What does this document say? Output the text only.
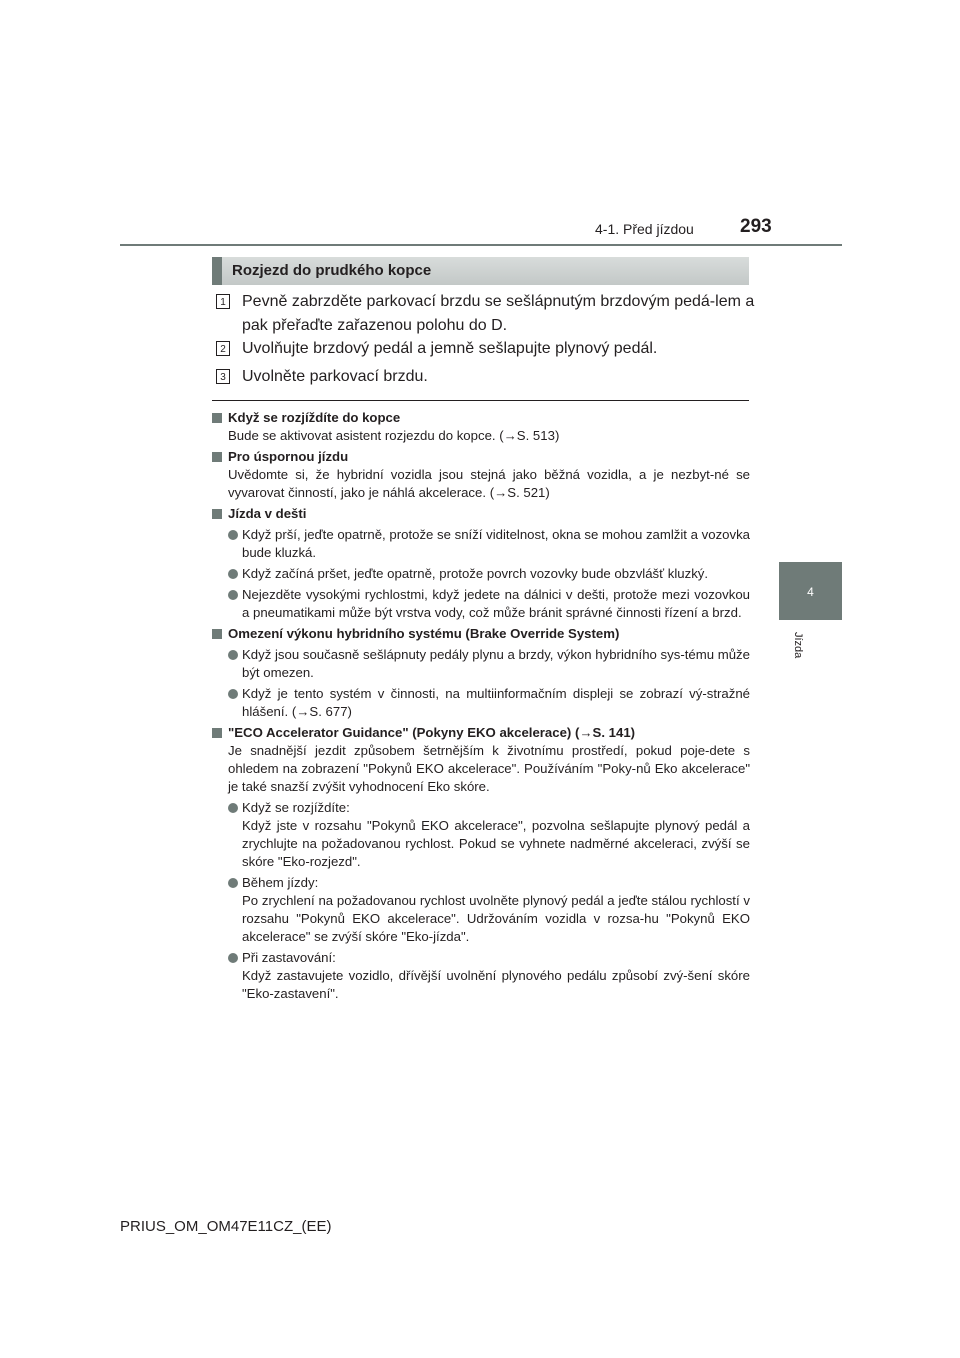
4-1. Před jízdou 293
4
Jízda
Rozjezd do prudkého kopce
1 Pevně zabrzděte parkovací brzdu se sešlápnutým brzdovým pedá-lem a pak přeřaďte zařazenou polohu do D.
2 Uvolňujte brzdový pedál a jemně sešlapujte plynový pedál.
3 Uvolněte parkovací brzdu.
Když se rozjíždíte do kopce
Bude se aktivovat asistent rozjezdu do kopce. (→S. 513)
Pro úspornou jízdu
Uvědomte si, že hybridní vozidla jsou stejná jako běžná vozidla, a je nezbyt-né se vyvarovat činností, jako je náhlá akcelerace. (→S. 521)
Jízda v dešti
Když prší, jeďte opatrně, protože se sníží viditelnost, okna se mohou zamlžit a vozovka bude kluzká.
Když začíná pršet, jeďte opatrně, protože povrch vozovky bude obzvlášť kluzký.
Nejezděte vysokými rychlostmi, když jedete na dálnici v dešti, protože mezi vozovkou a pneumatikami může být vrstva vody, což může bránit správné činnosti řízení a brzd.
Omezení výkonu hybridního systému (Brake Override System)
Když jsou současně sešlápnuty pedály plynu a brzdy, výkon hybridního sys-tému může být omezen.
Když je tento systém v činnosti, na multiinformačním displeji se zobrazí vý-stražné hlášení. (→S. 677)
"ECO Accelerator Guidance" (Pokyny EKO akcelerace) (→S. 141)
Je snadnější jezdit způsobem šetrnějším k životnímu prostředí, pokud poje-dete s ohledem na zobrazení "Pokynů EKO akcelerace". Používáním "Poky-nů Eko akcelerace" je také snazší zvýšit vyhodnocení Eko skóre.
Když se rozjíždíte:
Když jste v rozsahu "Pokynů EKO akcelerace", pozvolna sešlapujte plynový pedál a zrychlujte na požadovanou rychlost. Pokud se vyhnete nadměrné akceleraci, zvýší se skóre "Eko-rozjezd".
Během jízdy:
Po zrychlení na požadovanou rychlost uvolněte plynový pedál a jeďte stálou rychlostí v rozsahu "Pokynů EKO akcelerace". Udržováním vozidla v rozsa-hu "Pokynů EKO akcelerace" se zvýší skóre "Eko-jízda".
Při zastavování:
Když zastavujete vozidlo, dřívější uvolnění plynového pedálu způsobí zvý-šení skóre "Eko-zastavení".
PRIUS_OM_OM47E11CZ_(EE)
